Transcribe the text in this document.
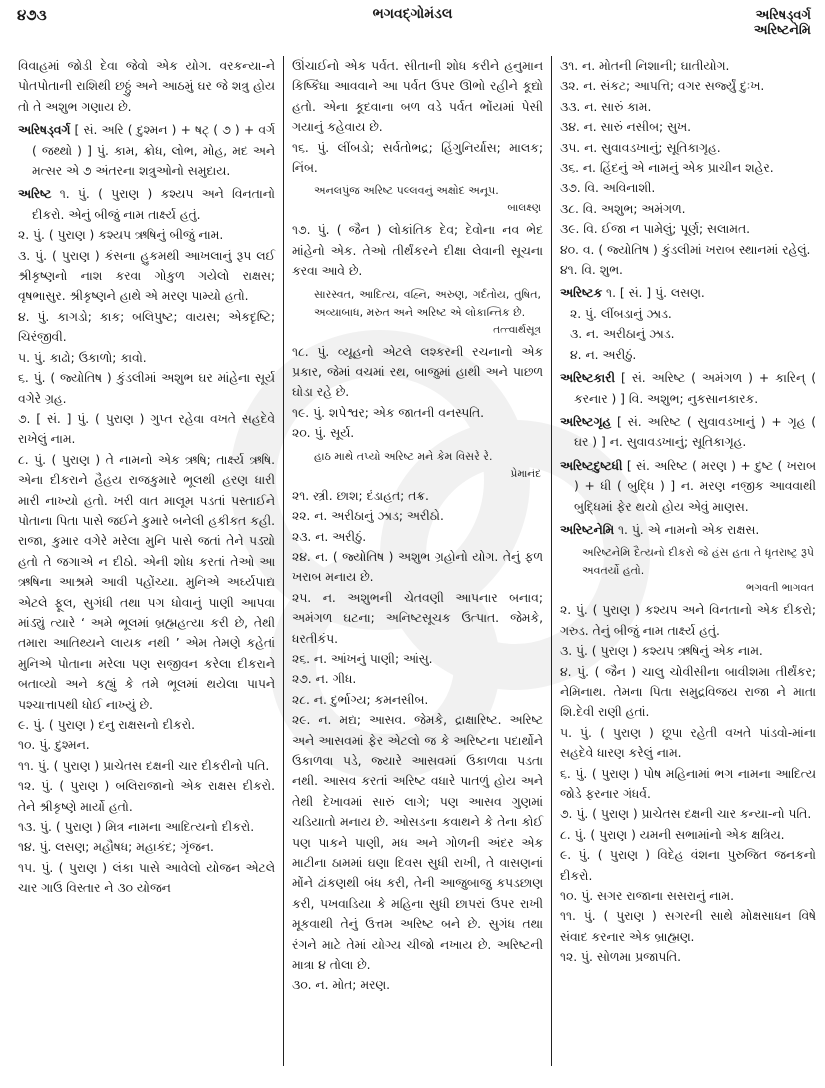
૪૭૩	ભગવદ્ગોમંડલ	અરિષડ્વર્ગ
અરિષ્ટનેમિ
વિવાહમાં જોડી દેવા જેવો એક યોગ. વરકન્યા-ને પોતપોતાની રાશિથી છઠ્ઠું અને આઠમું ઘર જે શત્રુ હોય તો તે અશુભ ગણાય છે.
અરિષડ્વર્ગ [ સં. અરિ ( દુશ્મન ) + ષટ્ ( ૭ ) + વર્ગ ( જથ્થો ) ] પું. કામ, ક્રોધ, લોભ, મોહ, મદ અને મત્સર એ ૭ અંતરના શત્રુઓનો સમુદાય.
અરિષ્ટ ૧. પું. ( પુરાણ ) કશ્યપ અને વિનતાનો દીકરો. એનું બીજું નામ તાર્ક્ષ્ય હતું.
૨. પું. ( પુરાણ ) કશ્યપ ઋષિનું બીજું નામ.
૩. પું. ( પુરાણ ) કંસના હુકમથી આખલાનું રૂપ લઈ શ્રીકૃષ્ણનો નાશ કરવા ગોકુળ ગયેલો રાક્ષસ; વૃષભાસુર. શ્રીકૃષ્ણને હાથે એ મરણ પામ્યો હતો.
૪. પું. કાગડો; કાક; બલિપુષ્ટ; વાયસ; એકદૃષ્ટિ; ચિરંજીવી.
૫. પું. કાઢો; ઉકાળો; કાવો.
૬. પું. ( જ્યોતિષ ) કુંડલીમાં અશુભ ઘર માંહેના સૂર્ય વગેરે ગ્રહ.
૭. [ સં. ] પું. ( પુરાણ ) ગુપ્ત રહેવા વખતે સહદેવે રાખેલું નામ.
૮. પું. ( પુરાણ ) તે નામનો એક ઋષિ; તાર્ક્ષ્ય ઋષિ. એના દીકરાને હૈહય રાજકુમારે ભૂલથી હરણ ધારી મારી નાખ્યો હતો. ખરી વાત માલૂમ પડતાં પસ્તાઈને પોતાના પિતા પાસે જઈને કુમારે બનેલી હકીકત કહી. રાજા, કુમાર વગેરે મરેલા મુનિ પાસે જતાં તેને પડ્યો હતો તે જગાએ ન દીઠો. એની શોધ કરતાં તેઓ આ ઋષિના આશ્રમે આવી પહોંચ્યા. મુનિએ અર્ઘ્યપાદ્ય એટલે ફૂલ, સુગંધી તથા પગ ધોવાનું પાણી આપવા માંડ્યું ત્યારે ‘ અમે ભૂલમાં બ્રહ્મહત્યા કરી છે, તેથી તમારા આતિથ્યને લાયક નથી ’ એમ તેમણે કહેતાં મુનિએ પોતાના મરેલા પણ સજીવન કરેલા દીકરાને બતાવ્યો અને કહ્યું કે તમે ભૂલમાં થયેલા પાપને પશ્ચાત્તાપથી ધોઈ નાખ્યું છે.
૯. પું. ( પુરાણ ) દનુ રાક્ષસનો દીકરો.
૧૦. પું. દુશ્મન.
૧૧. પું. ( પુરાણ ) પ્રાચેતસ દક્ષની ચાર દીકરીનો પતિ.
૧૨. પું. ( પુરાણ ) બલિરાજાનો એક રાક્ષસ દીકરો. તેને શ્રીકૃષ્ણે માર્યો હતો.
૧૩. પું. ( પુરાણ ) મિત્ર નામના આદિત્યનો દીકરો.
૧૪. પું. લસણ; મહૌષધ; મહાકંદ; ગૃંજન.
૧૫. પું. ( પુરાણ ) લંકા પાસે આવેલો યોજન એટલે ચાર ગાઉ વિસ્તાર ને ૩૦ યોજન
ઊંચાઈનો એક પર્વત. સીતાની શોધ કરીને હનુમાન કિષ્કિંધા આવવાને આ પર્વત ઉપર ઊભો રહીને કૂદ્યો હતો. એના કૂદવાના બળ વડે પર્વત ભોંયમાં પેસી ગયાનું કહેવાય છે.
૧૬. પું. લીંબડો; સર્વતોભદ્ર; હિંગુનિર્યાસ; માલક; નિંબ.
અનલપુંજ અરિષ્ટ પલ્લવનું અક્ષોદ અનૂપ.
બાલક્ષ્ણ
૧૭. પું. ( જૈન ) લોકાંતિક દેવ; દેવોના નવ ભેદ માંહેનો એક. તેઓ તીર્થંકરને દીક્ષા લેવાની સૂચના કરવા આવે છે.
સારસ્વત, આદિત્ય, વહ્નિ, અરુણ, ગર્દતોય, તુષિત, અવ્યાબાધ, મરુત અને અરિષ્ટ એ લોકાન્તિક છે.
તત્ત્વાર્થસૂત્ર
૧૮. પું. વ્યૂહનો એટલે લશ્કરની રચનાનો એક પ્રકાર, જેમાં વચમાં રથ, બાજુમાં હાથી અને પાછળ ઘોડા રહે છે.
૧૯. પું. શપેશ્વર; એક જાતની વનસ્પતિ.
૨૦. પું. સૂર્ય.
હાઠ માથે તપ્યો અરિષ્ટ મને કેમ વિસરે રે.
પ્રેમાનંદ
૨૧. સ્ત્રી. છાશ; દંડાહત; તક્ર.
૨૨. ન. અરીઠાનું ઝાડ; અરીઠો.
૨૩. ન. અરીઠું.
૨૪. ન. ( જ્યોતિષ ) અશુભ ગ્રહોનો યોગ. તેનું ફળ ખરાબ મનાય છે.
૨૫. ન. અશુભની ચેતવણી આપનાર બનાવ; અમંગળ ઘટના; અનિષ્ટસૂચક ઉત્પાત. જેમકે, ધરતીકંપ.
૨૬. ન. આંખનું પાણી; આંસુ.
૨૭. ન. ગીધ.
૨૮. ન. દુર્ભાગ્ય; કમનસીબ.
૨૯. ન. મદ્ય; આસવ. જેમકે, દ્રાક્ષારિષ્ટ. અરિષ્ટ અને આસવમાં ફેર એટલો જ કે અરિષ્ટના પદાર્થોને ઉકાળવા પડે, જ્યારે આસવમાં ઉકાળવા પડતા નથી. આસવ કરતાં અરિષ્ટ વધારે પાતળું હોય અને તેથી દેખાવમાં સારું લાગે; પણ આસવ ગુણમાં ચડિયાતો મનાય છે. ઓસડના કવાથને કે તેના કોઈ પણ પાકને પાણી, મધ અને ગોળની અંદર એક માટીના ઠામમાં ઘણા દિવસ સુધી રાખી, તે વાસણનાં મોંને ઢાંકણથી બંધ કરી, તેની આજુબાજુ કપડછાણ કરી, પખવાડિયા કે મહિના સુધી છાપરાં ઉપર રાખી મૂકવાથી તેનું ઉત્તમ અરિષ્ટ બને છે. સુગંધ તથા રંગને માટે તેમાં યોગ્ય ચીજો નખાય છે. અરિષ્ટની માત્રા ૪ તોલા છે.
૩૦. ન. મોત; મરણ.
૩૧. ન. મોતની નિશાની; ઘાતીયોગ.
૩૨. ન. સંકટ; આપત્તિ; વગર સર્જ્યું દુઃખ.
૩૩. ન. સારું કામ.
૩૪. ન. સારું નસીબ; સુખ.
૩૫. ન. સુવાવડખાનું; સૂતિકાગૃહ.
૩૬. ન. હિંદનું એ નામનું એક પ્રાચીન શહેર.
૩૭. વિ. અવિનાશી.
૩૮. વિ. અશુભ; અમંગળ.
૩૯. વિ. ઈજા ન પામેલું; પૂર્ણ; સલામત.
૪૦. વ. ( જ્યોતિષ ) કુંડલીમાં ખરાબ સ્થાનમાં રહેલું.
૪૧. વિ. શુભ.
અરિષ્ટક ૧. [ સં. ] પું. લસણ.
૨. પું. લીંબડાનું ઝાડ.
૩. ન. અરીઠાનું ઝાડ.
૪. ન. અરીઠું.
અરિષ્ટકારી [ સં. અરિષ્ટ ( અમંગળ ) + કારિન્ ( કરનાર ) ] વિ. અશુભ; નુકસાનકારક.
અરિષ્ટગૃહ [ સં. અરિષ્ટ ( સુવાવડખાનું ) + ગૃહ ( ઘર ) ] ન. સુવાવડખાનું; સૂતિકાગૃહ.
અરિષ્ટદુષ્ટધી [ સં. અરિષ્ટ ( મરણ ) + દુષ્ટ ( ખરાબ ) + ધી ( બુદ્ધિ ) ] ન. મરણ નજીક આવવાથી બુદ્ધિમાં ફેર થયો હોય એવું માણસ.
અરિષ્ટનેમિ ૧. પું. એ નામનો એક રાક્ષસ.
અરિષ્ટનેમિ દૈત્યનો દીકરો જે હંસ હતા તે ધૃતરાષ્ટ્ર રૂપે અવતર્યો હતો.
ભગવતી ભાગવત
૨. પું. ( પુરાણ ) કશ્યપ અને વિનતાનો એક દીકરો; ગરુડ. તેનું બીજું નામ તાર્ક્ષ્ય હતું.
૩. પું. ( પુરાણ ) કશ્યપ ઋષિનું એક નામ.
૪. પું. ( જૈન ) ચાલુ ચોવીસીના બાવીશમા તીર્થંકર; નેમિનાથ. તેમના પિતા સમુદ્રવિજય રાજા ને માતા શિ.દેવી રાણી હતાં.
૫. પું. ( પુરાણ ) છૂપા રહેતી વખતે પાંડવો-માંના સહદેવે ધારણ કરેલું નામ.
૬. પું. ( પુરાણ ) પોષ મહિનામાં ભગ નામના આદિત્ય જોડે ફરનાર ગંધર્વ.
૭. પું. ( પુરાણ ) પ્રાચેતસ દક્ષની ચાર કન્યા-નો પતિ.
૮. પું. ( પુરાણ ) યમની સભામાંનો એક ક્ષત્રિય.
૯. પું. ( પુરાણ ) વિદેહ વંશના પુરુજિત જનકનો દીકરો.
૧૦. પું. સગર રાજાના સસરાનું નામ.
૧૧. પું. ( પુરાણ ) સગરની સાથે મોક્ષસાધન વિષે સંવાદ કરનાર એક બ્રાહ્મણ.
૧૨. પું. સોળમા પ્રજાપતિ.
